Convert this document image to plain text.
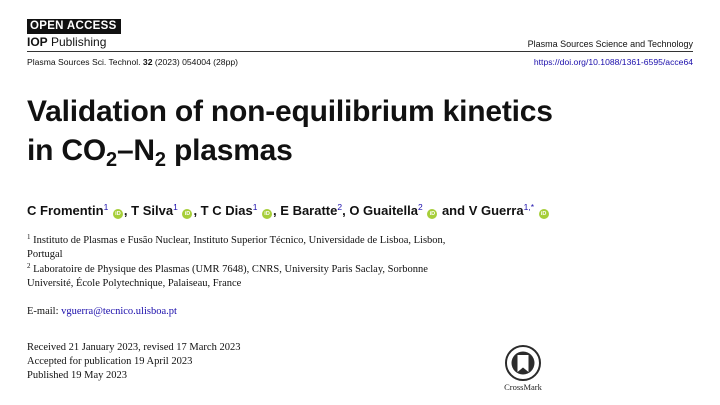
OPEN ACCESS
IOP Publishing	Plasma Sources Science and Technology
Plasma Sources Sci. Technol. 32 (2023) 054004 (28pp)	https://doi.org/10.1088/1361-6595/acce64
Validation of non-equilibrium kinetics
in $CO_2-N_2$ plasmas
C Fromentin$^1$ iD , T Silva$^1$ iD , T C Dias$^1$ iD , E Baratte$^2$, O Guaitella$^2$ iD and V Guerra$^{1,*}$ iD
$^1$ Instituto de Plasmas e Fusão Nuclear, Instituto Superior Técnico, Universidade de Lisboa, Lisbon,
Portugal
$^2$ Laboratoire de Physique des Plasmas (UMR 7648), CNRS, University Paris Saclay, Sorbonne
Université, École Polytechnique, Palaiseau, France
E-mail: vguerra@tecnico.ulisboa.pt
Received 21 January 2023, revised 17 March 2023
Accepted for publication 19 April 2023
Published 19 May 2023
CrossMark
